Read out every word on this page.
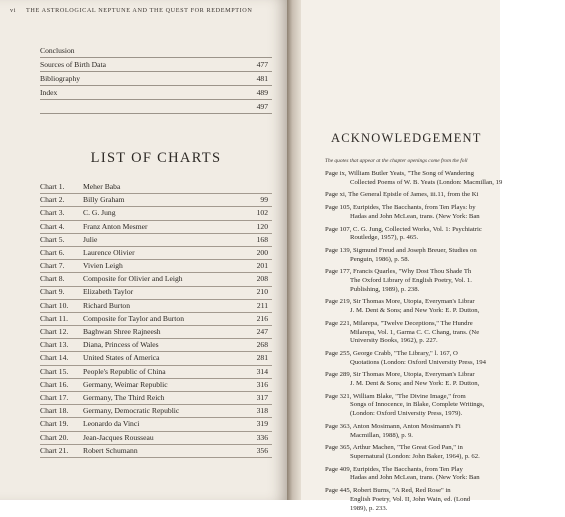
vi THE ASTROLOGICAL NEPTUNE AND THE QUEST FOR REDEMPTION
Conclusion
Sources of Birth Data	477
Bibliography	481
Index	489
497
LIST OF CHARTS
Chart 1. Meher Baba
Chart 2. Billy Graham	99
Chart 3. C. G. Jung	102
Chart 4. Franz Anton Mesmer	120
Chart 5. Julie	168
Chart 6. Laurence Olivier	200
Chart 7. Vivien Leigh	201
Chart 8. Composite for Olivier and Leigh	208
Chart 9. Elizabeth Taylor	210
Chart 10. Richard Burton	211
Chart 11. Composite for Taylor and Burton	216
Chart 12. Baghwan Shree Rajneesh	247
Chart 13. Diana, Princess of Wales	268
Chart 14. United States of America	281
Chart 15. People's Republic of China	314
Chart 16. Germany, Weimar Republic	316
Chart 17. Germany, The Third Reich	317
Chart 18. Germany, Democratic Republic	318
Chart 19. Leonardo da Vinci	319
Chart 20. Jean-Jacques Rousseau	336
Chart 21. Robert Schumann	356
ACKNOWLEDGEMENT
The quotes that appear at the chapter openings come from the foll
Page ix, William Butler Yeats, "The Song of Wandering
Collected Poems of W. B. Yeats (London: Macmillan, 19
Page xi, The General Epistle of James, iii.11, from the Ki
Page 105, Euripides, The Bacchants, from Ten Plays: by
Hadas and John McLean, trans. (New York: Ban
Page 107, C. G. Jung, Collected Works, Vol. 1: Psychiatric
Routledge, 1957), p. 465.
Page 139, Sigmund Freud and Joseph Breuer, Studies on
Penguin, 1986), p. 58.
Page 177, Francis Quarles, "Why Dost Thou Shade Th
The Oxford Library of English Poetry, Vol. 1.
Publishing, 1989), p. 238.
Page 219, Sir Thomas More, Utopia, Everyman's Librar
J. M. Dent & Sons; and New York: E. P. Dutton,
Page 221, Milarepa, "Twelve Deceptions," The Hundre
Milarepa, Vol. 1, Garma C. C. Chang, trans. (Ne
University Books, 1962), p. 227.
Page 255, George Crabb, "The Library," l. 167, O
Quotations (London: Oxford University Press, 194
Page 289, Sir Thomas More, Utopia, Everyman's Librar
J. M. Dent & Sons; and New York: E. P. Dutton,
Page 321, William Blake, "The Divine Image," from
Songs of Innocence, in Blake, Complete Writings,
(London: Oxford University Press, 1979).
Page 363, Anton Mosimann, Anton Mosimann's Fi
Macmillan, 1988), p. 9.
Page 365, Arthur Machen, "The Great God Pan," in
Supernatural (London: John Baker, 1964), p. 62.
Page 409, Euripides, The Bacchants, from Ten Play
Hadas and John McLean, trans. (New York: Ban
Page 445, Robert Burns, "A Red, Red Rose" in
English Poetry, Vol. II, John Wain, ed. (Lond
1989), p. 233.
